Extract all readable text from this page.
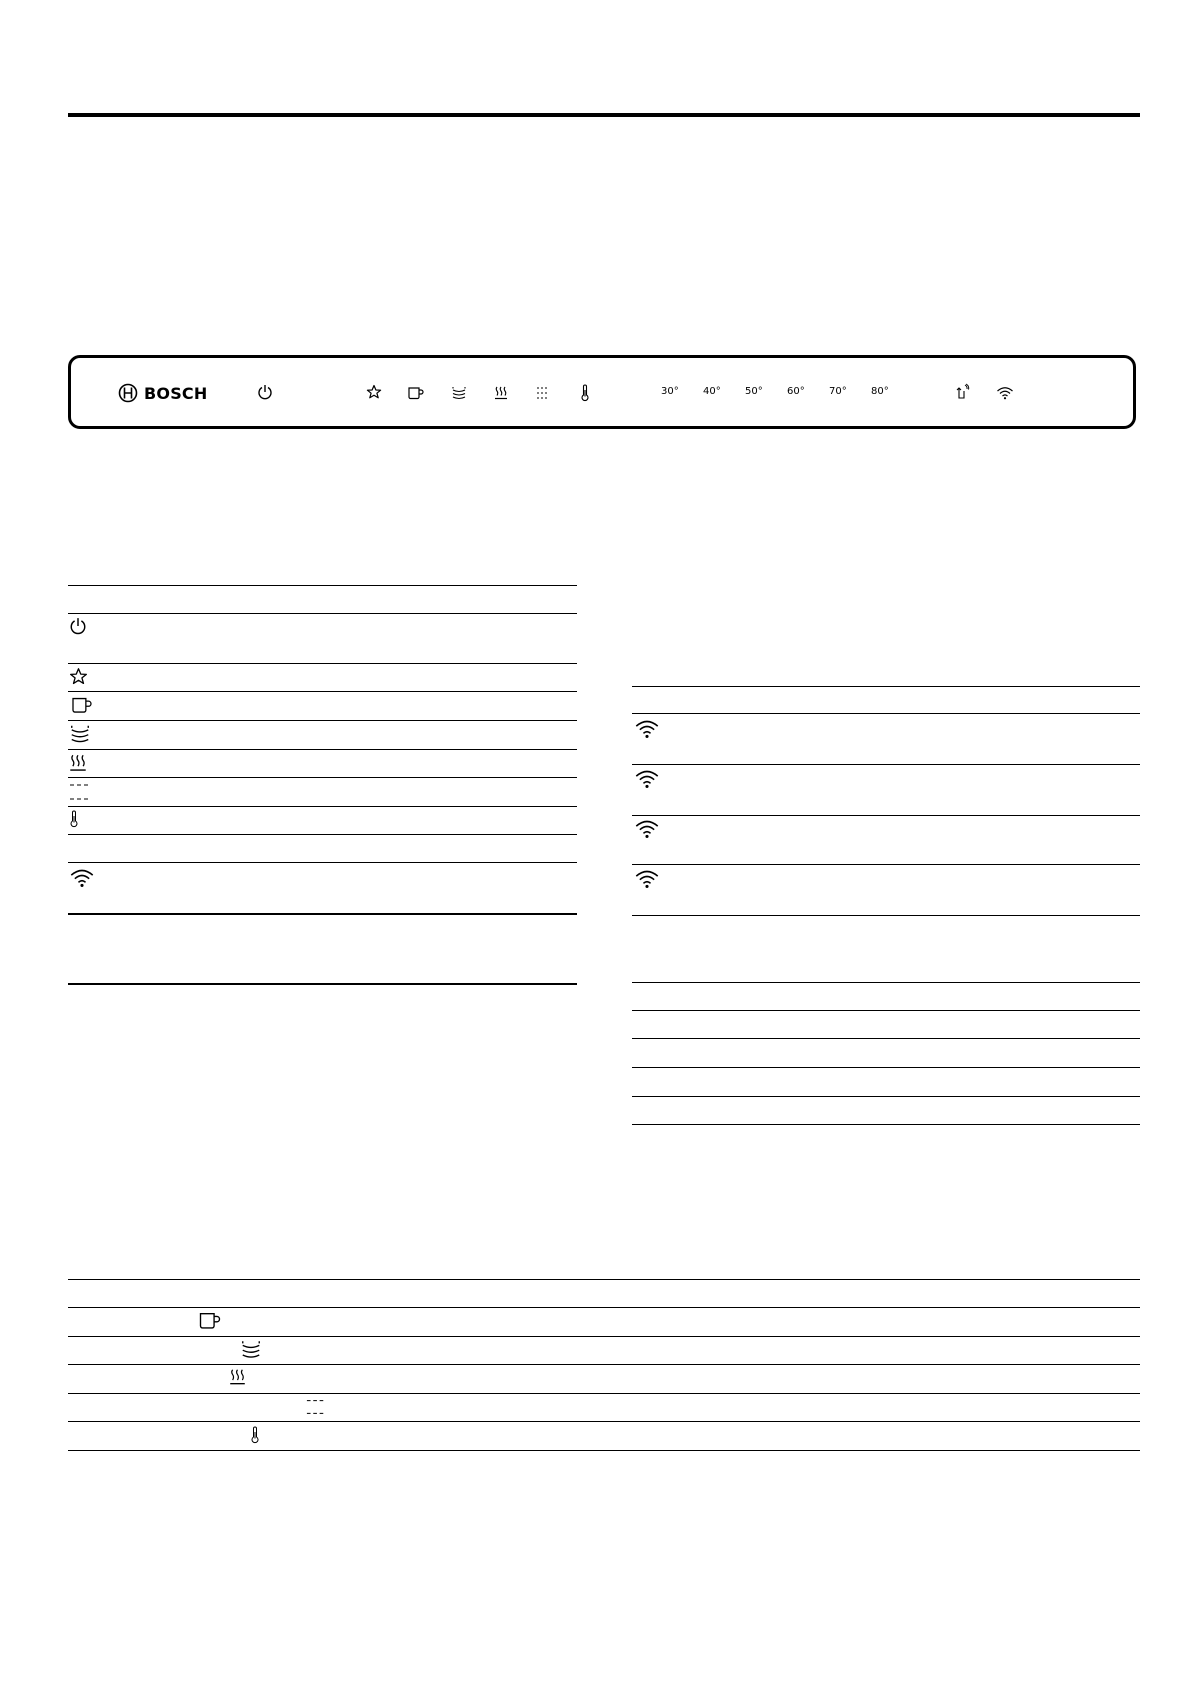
BOSCH	30° 40° 50° 60° 70° 80°
